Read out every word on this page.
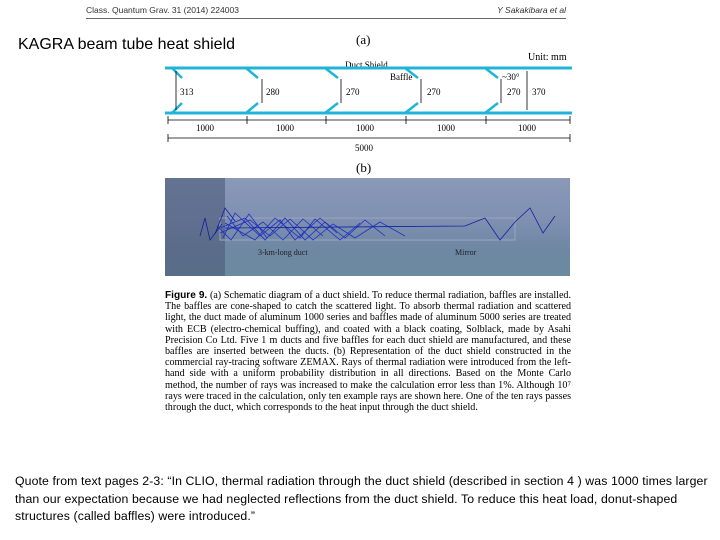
Class. Quantum Grav. 31 (2014) 224003	Y Sakakibara et al
KAGRA beam tube heat shield	(a)
Unit: mm
Duct Shield
Baffle	~30°
313	280	270	270	270 370
1000	1000	1000	1000	1000
5000
(b)
3-km-long duct	Mirror
Figure 9. (a) Schematic diagram of a duct shield. To reduce thermal radiation, baffles are installed. The baffles are cone-shaped to catch the scattered light. To absorb thermal radiation and scattered light, the duct made of aluminum 1000 series and baffles made of aluminum 5000 series are treated with ECB (electro-chemical buffing), and coated with a black coating, Solblack, made by Asahi Precision Co Ltd. Five 1 m ducts and five baffles for each duct shield are manufactured, and these baffles are inserted between the ducts. (b) Representation of the duct shield constructed in the commercial ray-tracing software ZEMAX. Rays of thermal radiation were introduced from the left-hand side with a uniform probability distribution in all directions. Based on the Monte Carlo method, the number of rays was increased to make the calculation error less than 1%. Although 10⁷ rays were traced in the calculation, only ten example rays are shown here. One of the ten rays passes through the duct, which corresponds to the heat input through the duct shield.
Quote from text pages 2-3: “In CLIO, thermal radiation through the duct shield (described in section 4 ) was 1000 times larger than our expectation because we had neglected reflections from the duct shield. To reduce this heat load, donut-shaped structures (called baffles) were introduced.”
